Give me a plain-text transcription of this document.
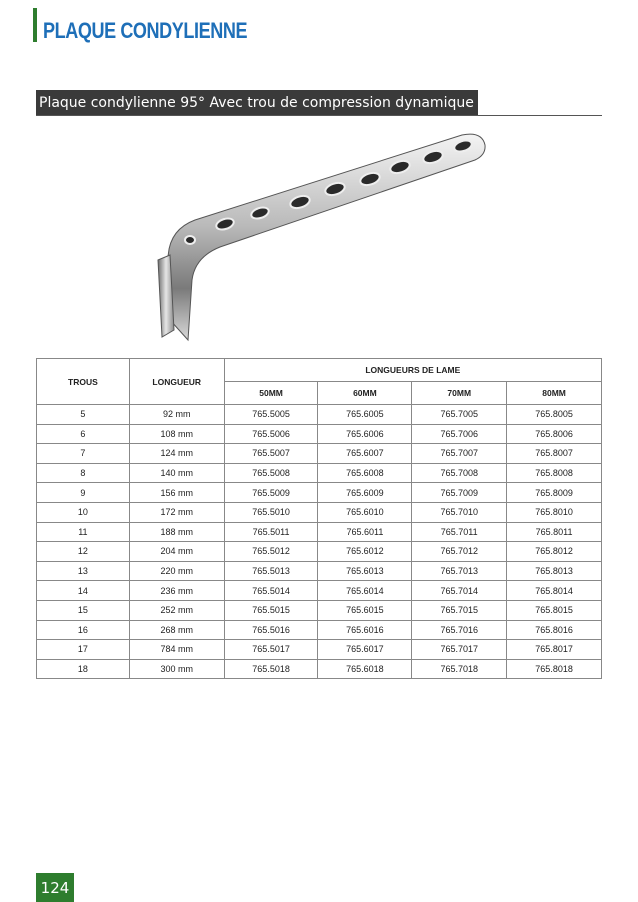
PLAQUE CONDYLIENNE
Plaque condylienne 95° Avec trou de compression dynamique
TROUS	LONGUEUR	LONGUEURS DE LAME			
		50MM	60MM	70MM	80MM
5	92 mm	765.5005	765.6005	765.7005	765.8005
6	108 mm	765.5006	765.6006	765.7006	765.8006
7	124 mm	765.5007	765.6007	765.7007	765.8007
8	140 mm	765.5008	765.6008	765.7008	765.8008
9	156 mm	765.5009	765.6009	765.7009	765.8009
10	172 mm	765.5010	765.6010	765.7010	765.8010
11	188 mm	765.5011	765.6011	765.7011	765.8011
12	204 mm	765.5012	765.6012	765.7012	765.8012
13	220 mm	765.5013	765.6013	765.7013	765.8013
14	236 mm	765.5014	765.6014	765.7014	765.8014
15	252 mm	765.5015	765.6015	765.7015	765.8015
16	268 mm	765.5016	765.6016	765.7016	765.8016
17	784 mm	765.5017	765.6017	765.7017	765.8017
18	300 mm	765.5018	765.6018	765.7018	765.8018
124
